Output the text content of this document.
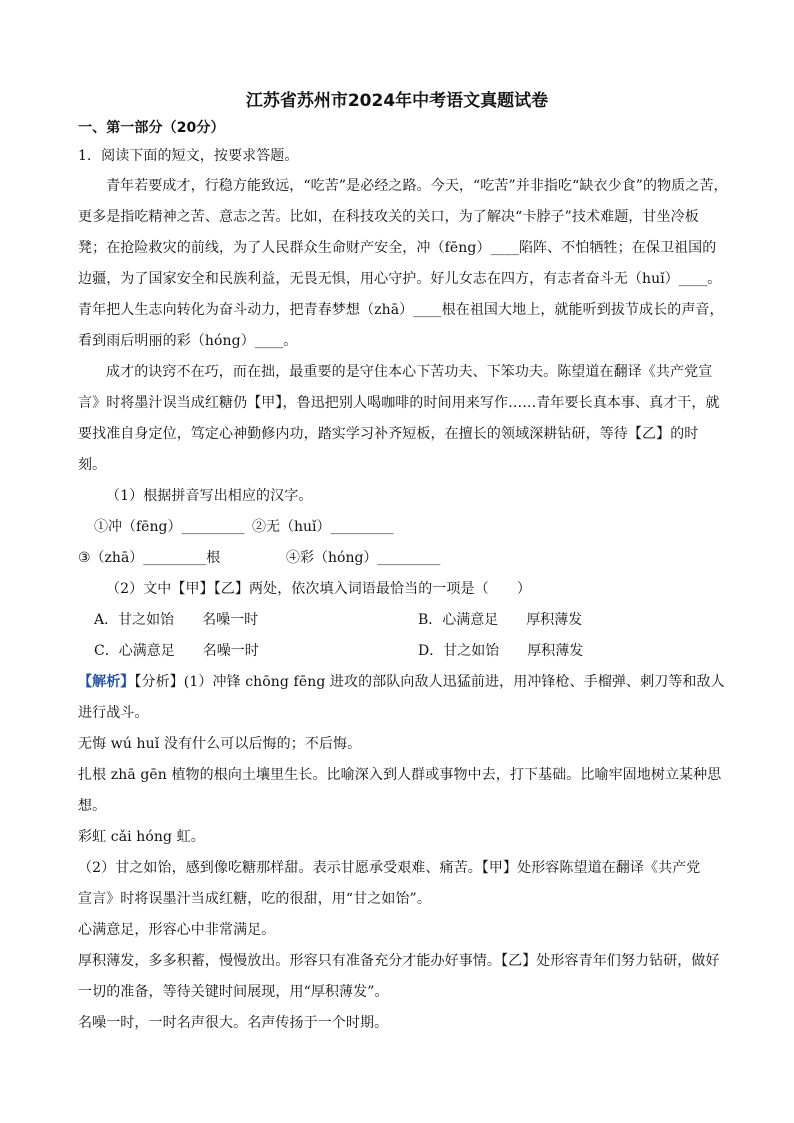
江苏省苏州市2024年中考语文真题试卷
一、第一部分（20分）
1．阅读下面的短文，按要求答题。
青年若要成才，行稳方能致远，“吃苦”是必经之路。今天，“吃苦”并非指吃“缺衣少食”的物质之苦，
更多是指吃精神之苦、意志之苦。比如，在科技攻关的关口，为了解决“卡脖子”技术难题，甘坐冷板
凳；在抢险救灾的前线，为了人民群众生命财产安全，冲（fēng）____陷阵、不怕牺牲；在保卫祖国的
边疆，为了国家安全和民族利益，无畏无惧，用心守护。好儿女志在四方，有志者奋斗无（huǐ）____。
青年把人生志向转化为奋斗动力，把青春梦想（zhā）____根在祖国大地上，就能听到拔节成长的声音，
看到雨后明丽的彩（hóng）____。
成才的诀窍不在巧，而在拙，最重要的是守住本心下苦功夫、下笨功夫。陈望道在翻译《共产党宣
言》时将墨汁误当成红糖仍【甲】，鲁迅把别人喝咖啡的时间用来写作……青年要长真本事、真才干，就
要找准自身定位，笃定心神勤修内功，踏实学习补齐短板，在擅长的领域深耕钻研，等待【乙】的时
刻。
（1）根据拼音写出相应的汉字。
①冲（fēng）_________ ②无（huǐ）_________
③（zhā）_________根	④彩（hóng）_________
（2）文中【甲】【乙】两处，依次填入词语最恰当的一项是（　　）
A．甘之如饴　　名噪一时	B．心满意足　　厚积薄发
C．心满意足　　名噪一时	D．甘之如饴　　厚积薄发
【解析】【分析】(1）冲锋 chōng fēng 进攻的部队向敌人迅猛前进，用冲锋枪、手榴弹、刺刀等和敌人
进行战斗。
无悔 wú huǐ 没有什么可以后悔的；不后悔。
扎根 zhā gēn 植物的根向土壤里生长。比喻深入到人群或事物中去，打下基础。比喻牢固地树立某种思
想。
彩虹 cǎi hóng 虹。
（2）甘之如饴，感到像吃糖那样甜。表示甘愿承受艰难、痛苦。【甲】处形容陈望道在翻译《共产党
宣言》时将误墨汁当成红糖，吃的很甜，用“甘之如饴”。
心满意足，形容心中非常满足。
厚积薄发，多多积蓄，慢慢放出。形容只有准备充分才能办好事情。【乙】处形容青年们努力钻研，做好
一切的准备，等待关键时间展现，用“厚积薄发”。
名噪一时，一时名声很大。名声传扬于一个时期。
